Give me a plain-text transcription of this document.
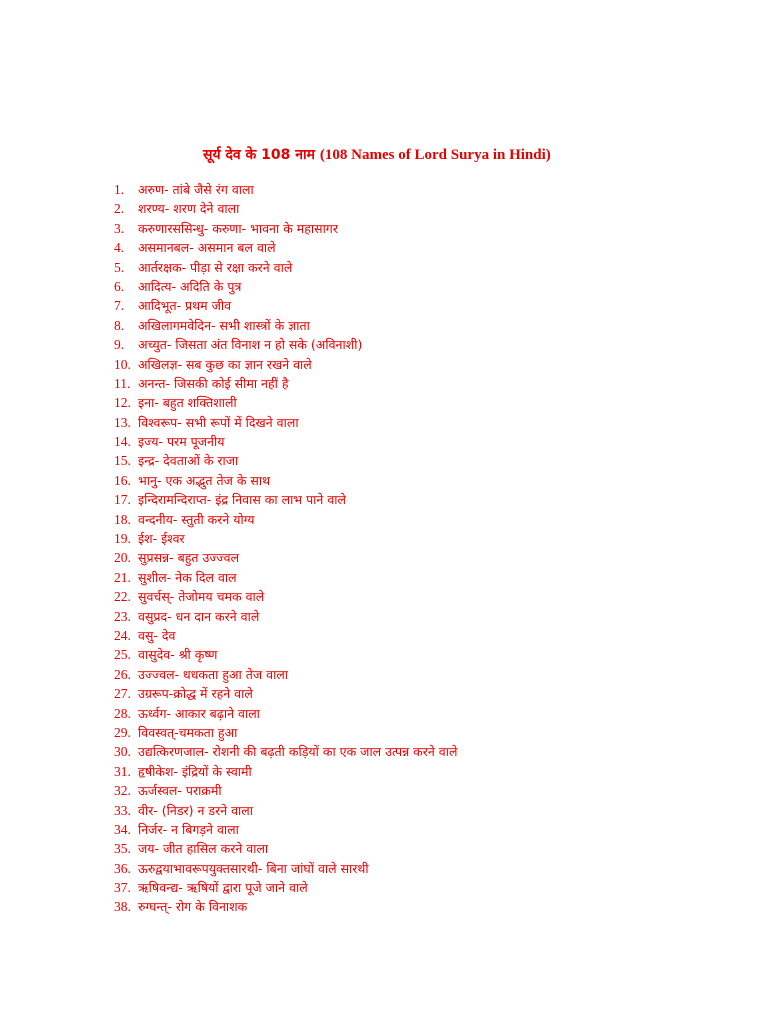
सूर्य देव के 108 नाम (108 Names of Lord Surya in Hindi)
1.	अरुण- तांबे जैसे रंग वाला
2.	शरण्य- शरण देने वाला
3.	करुणारससिन्धु- करुणा- भावना के महासागर
4.	असमानबल- असमान बल वाले
5.	आर्तरक्षक- पीड़ा से रक्षा करने वाले
6.	आदित्य- अदिति के पुत्र
7.	आदिभूत- प्रथम जीव
8.	अखिलागमवेदिन- सभी शास्त्रों के ज्ञाता
9.	अच्युत- जिसता अंत विनाश न हो सके (अविनाशी)
10. अखिलज्ञ- सब कुछ का ज्ञान रखने वाले
11. अनन्त- जिसकी कोई सीमा नहीं है
12. इना- बहुत शक्तिशाली
13. विश्वरूप- सभी रूपों में दिखने वाला
14. इज्य- परम पूजनीय
15. इन्द्र- देवताओं के राजा
16. भानु- एक अद्भुत तेज के साथ
17. इन्दिरामन्दिराप्त- इंद्र निवास का लाभ पाने वाले
18. वन्दनीय- स्तुती करने योग्य
19. ईश- ईश्वर
20. सुप्रसन्न- बहुत उज्ज्वल
21. सुशील- नेक दिल वाल
22. सुवर्चस्- तेजोमय चमक वाले
23. वसुप्रद- धन दान करने वाले
24. वसु- देव
25. वासुदेव- श्री कृष्ण
26. उज्ज्वल- धधकता हुआ तेज वाला
27. उग्ररूप-क्रोद्ध में रहने वाले
28. ऊर्ध्वग- आकार बढ़ाने वाला
29. विवस्वत्-चमकता हुआ
30. उद्यत्किरणजाल- रोशनी की बढ़ती कड़ियों का एक जाल उत्पन्न करने वाले
31. हृषीकेश- इंद्रियों के स्वामी
32. ऊर्जस्वल- पराक्रमी
33. वीर- (निडर) न डरने वाला
34. निर्जर- न बिगड़ने वाला
35. जय- जीत हासिल करने वाला
36. ऊरुद्वयाभावरूपयुक्तसारथी- बिना जांघों वाले सारथी
37. ऋषिवन्द्य- ऋषियों द्वारा पूजे जाने वाले
38. रुग्घन्त्- रोग के विनाशक
